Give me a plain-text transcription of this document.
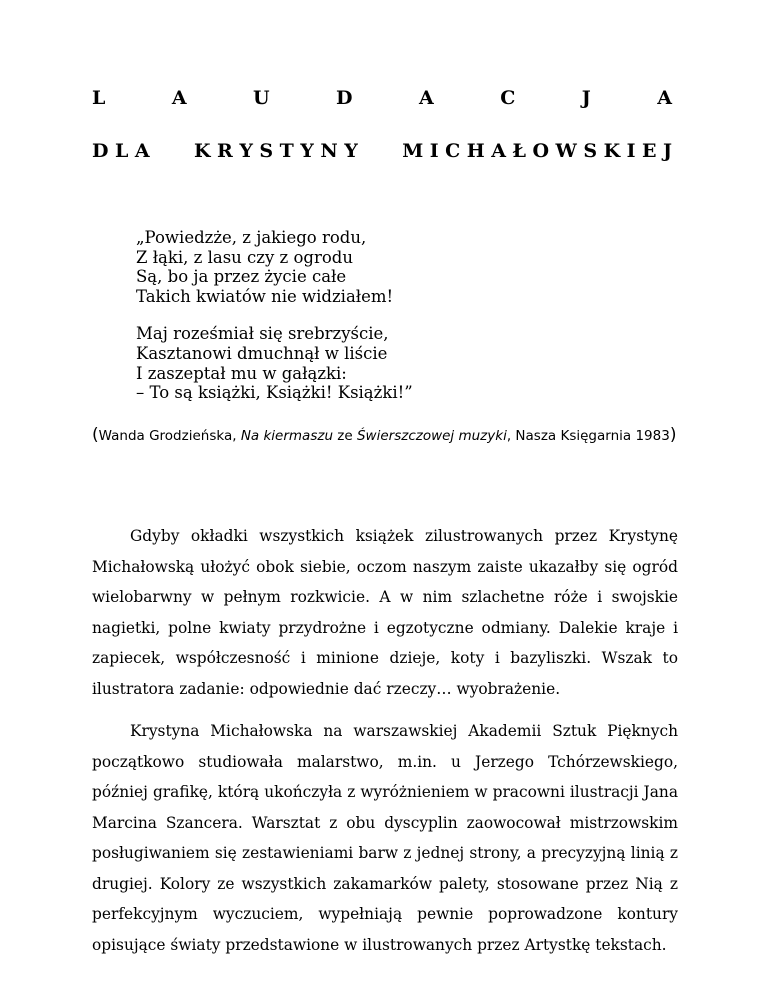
L	A	U	D	A	C	J	A
D L A K R Y S T Y N Y M I C H A Ł O W S K I E J
„Powiedzże, z jakiego rodu,
Z łąki, z lasu czy z ogrodu
Są, bo ja przez życie całe
Takich kwiatów nie widziałem!
Maj roześmiał się srebrzyście,
Kasztanowi dmuchnął w liście
I zaszeptał mu w gałązki:
– To są książki, Książki! Książki!”
(Wanda Grodzieńska, Na kiermaszu ze Świerszczowej muzyki, Nasza Księgarnia 1983)

Gdyby okładki wszystkich książek zilustrowanych przez Krystynę Michałowską ułożyć obok siebie, oczom naszym zaiste ukazałby się ogród wielobarwny w pełnym rozkwicie. A w nim szlachetne róże i swojskie nagietki, polne kwiaty przydrożne i egzotyczne odmiany. Dalekie kraje i zapiecek, współczesność i minione dzieje, koty i bazyliszki. Wszak to ilustratora zadanie: odpowiednie dać rzeczy… wyobrażenie.

Krystyna Michałowska na warszawskiej Akademii Sztuk Pięknych początkowo studiowała malarstwo, m.in. u Jerzego Tchórzewskiego, później grafikę, którą ukończyła z wyróżnieniem w pracowni ilustracji Jana Marcina Szancera. Warsztat z obu dyscyplin zaowocował mistrzowskim posługiwaniem się zestawieniami barw z jednej strony, a precyzyjną linią z drugiej. Kolory ze wszystkich zakamarków palety, stosowane przez Nią z perfekcyjnym wyczuciem, wypełniają pewnie poprowadzone kontury opisujące światy przedstawione w ilustrowanych przez Artystkę tekstach.
